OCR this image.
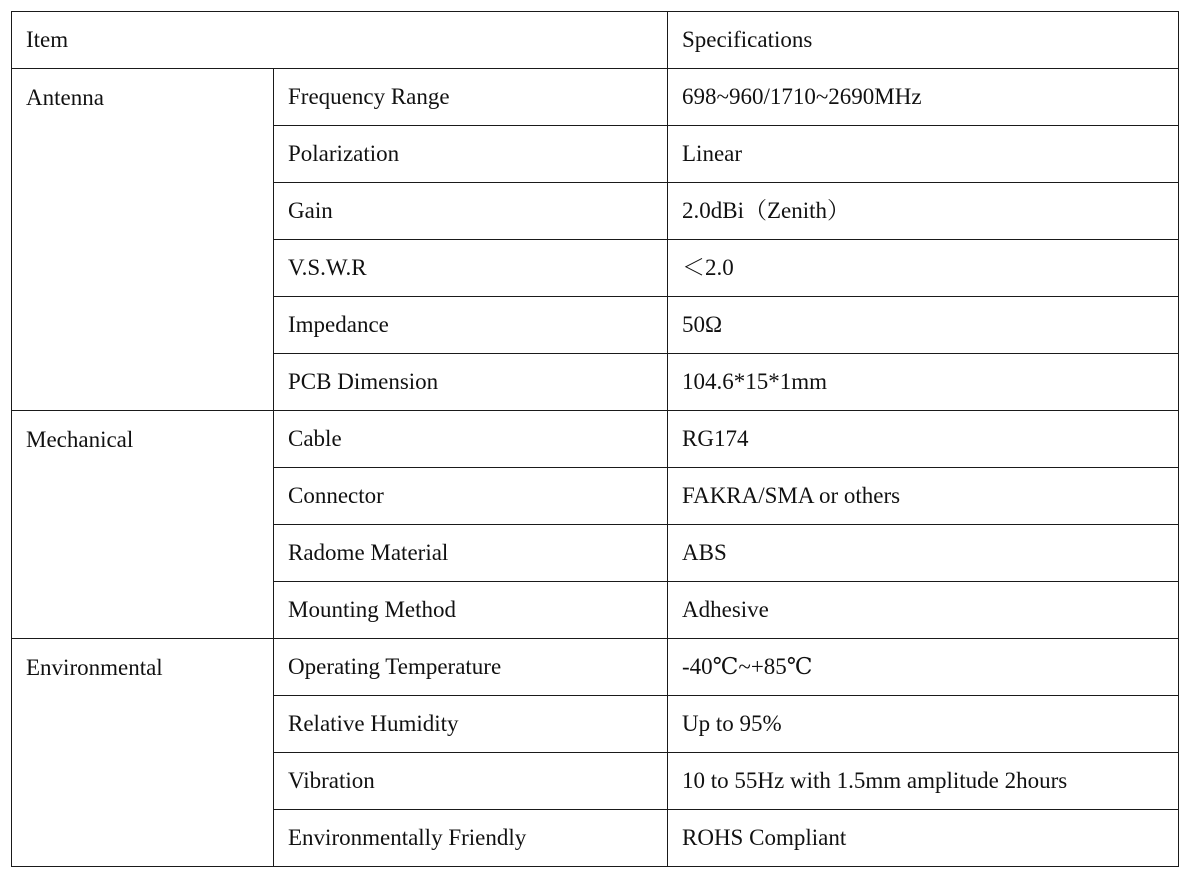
Item		Specifications
Antenna	Frequency Range	698~960/1710~2690MHz
	Polarization	Linear
	Gain	2.0dBi（Zenith）
	V.S.W.R	＜2.0
	Impedance	50Ω
	PCB Dimension	104.6*15*1mm
Mechanical	Cable	RG174
	Connector	FAKRA/SMA or others
	Radome Material	ABS
	Mounting Method	Adhesive
Environmental	Operating Temperature	-40℃~+85℃
	Relative Humidity	Up to 95%
	Vibration	10 to 55Hz with 1.5mm amplitude 2hours
	Environmentally Friendly	ROHS Compliant
